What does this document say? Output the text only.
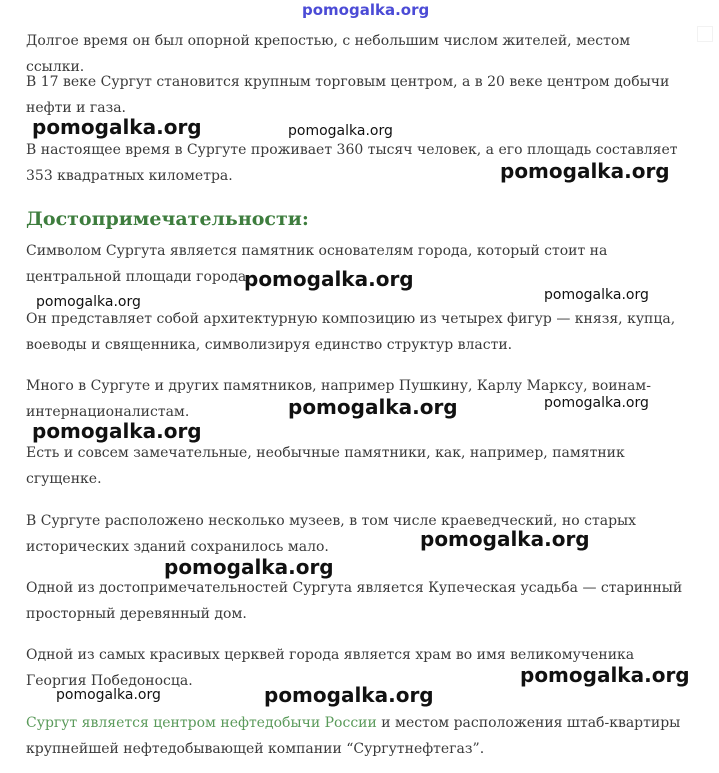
Долгое время он был опорной крепостью, с небольшим числом жителей, местом ссылки.

В 17 веке Сургут становится крупным торговым центром, а в 20 веке центром добычи нефти и газа.

В настоящее время в Сургуте проживает 360 тысяч человек, а его площадь составляет 353 квадратных километра.

Достопримечательности:

Символом Сургута является памятник основателям города, который стоит на центральной площади города.

Он представляет собой архитектурную композицию из четырех фигур — князя, купца, воеводы и священника, символизируя единство структур власти.

Много в Сургуте и других памятников, например Пушкину, Карлу Марксу, воинам-интернационалистам.

Есть и совсем замечательные, необычные памятники, как, например, памятник сгущенке.

В Сургуте расположено несколько музеев, в том числе краеведческий, но старых исторических зданий сохранилось мало.

Одной из достопримечательностей Сургута является Купеческая усадьба — старинный просторный деревянный дом.

Одной из самых красивых церквей города является храм во имя великомученика Георгия Победоносца.

Сургут является центром нефтедобычи России и местом расположения штаб-квартиры крупнейшей нефтедобывающей компании “Сургутнефтегаз”.

pomogalka.org
pomogalka.org	pomogalka.org
pomogalka.org
pomogalka.org
pomogalka.org
pomogalka.org
pomogalka.org	pomogalka.org
pomogalka.org
pomogalka.org
pomogalka.org
pomogalka.org
pomogalka.org	pomogalka.org
